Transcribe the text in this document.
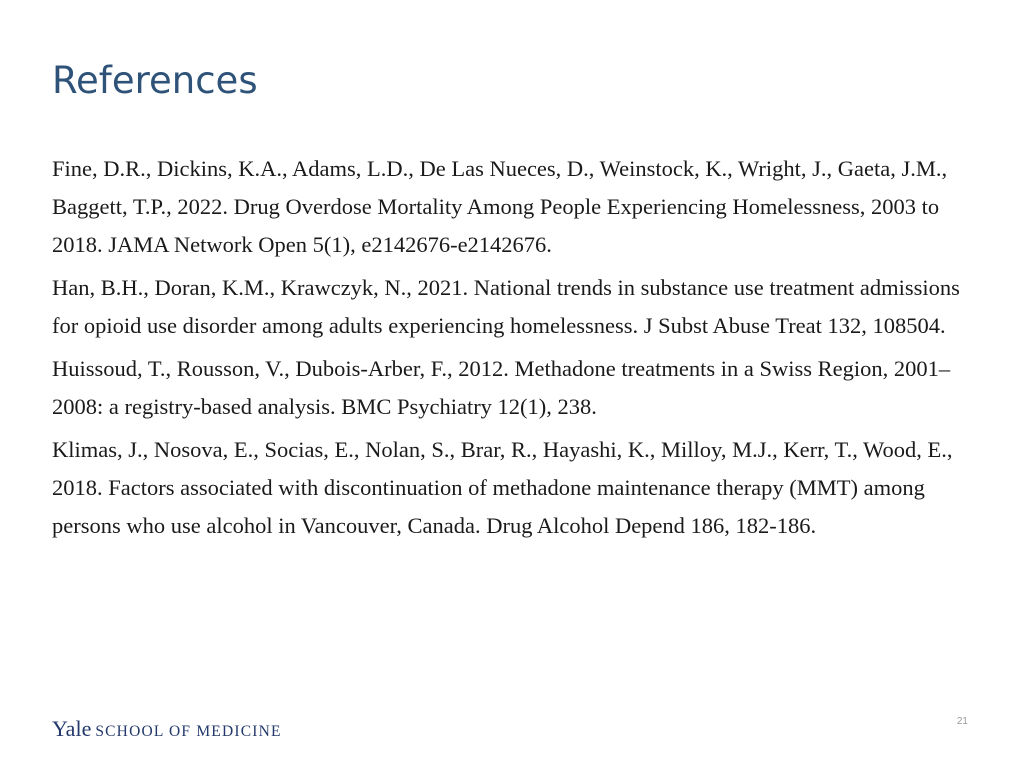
References
Fine, D.R., Dickins, K.A., Adams, L.D., De Las Nueces, D., Weinstock, K., Wright, J., Gaeta, J.M., Baggett, T.P., 2022. Drug Overdose Mortality Among People Experiencing Homelessness, 2003 to 2018. JAMA Network Open 5(1), e2142676-e2142676.
Han, B.H., Doran, K.M., Krawczyk, N., 2021. National trends in substance use treatment admissions for opioid use disorder among adults experiencing homelessness. J Subst Abuse Treat 132, 108504.
Huissoud, T., Rousson, V., Dubois-Arber, F., 2012. Methadone treatments in a Swiss Region, 2001–2008: a registry-based analysis. BMC Psychiatry 12(1), 238.
Klimas, J., Nosova, E., Socias, E., Nolan, S., Brar, R., Hayashi, K., Milloy, M.J., Kerr, T., Wood, E., 2018. Factors associated with discontinuation of methadone maintenance therapy (MMT) among persons who use alcohol in Vancouver, Canada. Drug Alcohol Depend 186, 182-186.
Yale SCHOOL OF MEDICINE
21
